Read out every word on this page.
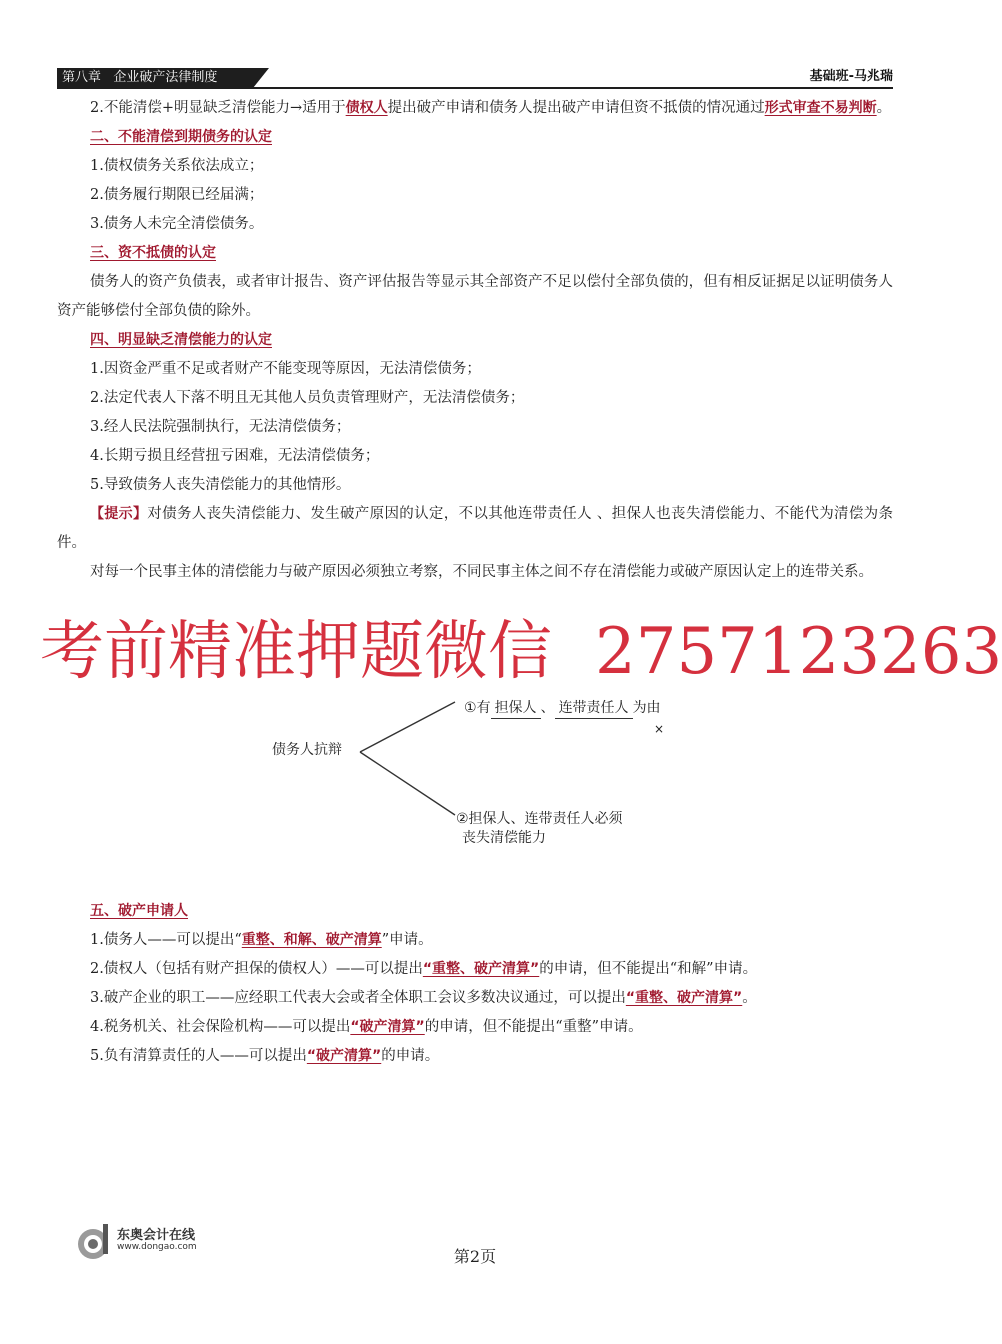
第八章   企业破产法律制度	基础班-马兆瑞

2.不能清偿+明显缺乏清偿能力→适用于债权人提出破产申请和债务人提出破产申请但资不抵债的情况通过形式审查不易判断。

二、不能清偿到期债务的认定

1.债权债务关系依法成立；

2.债务履行期限已经届满；

3.债务人未完全清偿债务。

三、资不抵债的认定

债务人的资产负债表，或者审计报告、资产评估报告等显示其全部资产不足以偿付全部负债的，但有相反证据足以证明债务人资产能够偿付全部负债的除外。

四、明显缺乏清偿能力的认定

1.因资金严重不足或者财产不能变现等原因，无法清偿债务；

2.法定代表人下落不明且无其他人员负责管理财产，无法清偿债务；

3.经人民法院强制执行，无法清偿债务；

4.长期亏损且经营扭亏困难，无法清偿债务；

5.导致债务人丧失清偿能力的其他情形。

【提示】对债务人丧失清偿能力、发生破产原因的认定，不以其他连带责任人 、担保人也丧失清偿能力、不能代为清偿为条件。

对每一个民事主体的清偿能力与破产原因必须独立考察，不同民事主体之间不存在清偿能力或破产原因认定上的连带关系。

考前精准押题微信 2757123263
债务人抗辩
①有 担保人 、 连带责任人 为由
×
②担保人、连带责任人必须
丧失清偿能力

五、破产申请人

1.债务人——可以提出“重整、和解、破产清算”申请。

2.债权人（包括有财产担保的债权人）——可以提出“重整、破产清算”的申请，但不能提出“和解”申请。

3.破产企业的职工——应经职工代表大会或者全体职工会议多数决议通过，可以提出“重整、破产清算”。

4.税务机关、社会保险机构——可以提出“破产清算”的申请，但不能提出“重整”申请。

5.负有清算责任的人——可以提出“破产清算”的申请。

东奥会计在线
www.dongao.com	第2页
